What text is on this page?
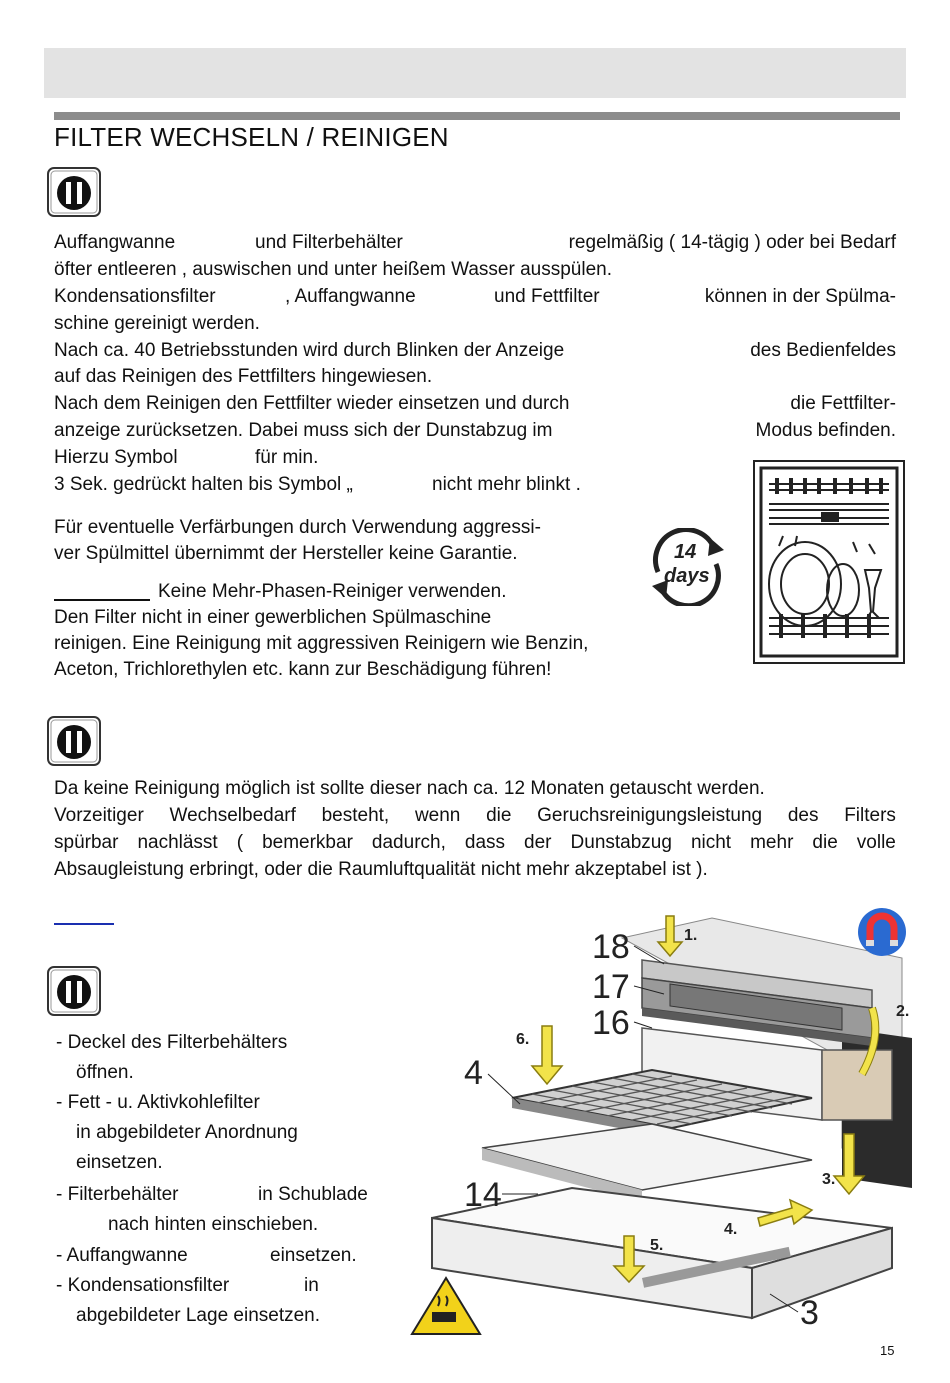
FILTER WECHSELN / REINIGEN
Auffangwanne	und Filterbehälter	regelmäßig ( 14-tägig ) oder bei Bedarf
öfter entleeren , auswischen und unter heißem Wasser ausspülen.
Kondensationsfilter	, Auffangwanne	und Fettfilter	können in der Spülma-
schine gereinigt werden.
Nach ca. 40 Betriebsstunden wird durch Blinken der Anzeige	des Bedienfeldes
auf das Reinigen des Fettfilters hingewiesen.
Nach dem Reinigen den Fettfilter wieder einsetzen und durch	die Fettfilter-
anzeige zurücksetzen. Dabei muss sich der Dunstabzug im	Modus befinden.
Hierzu Symbol	für min.
3 Sek. gedrückt halten bis Symbol „	nicht mehr blinkt .
Für eventuelle Verfärbungen durch Verwendung aggressi-
ver Spülmittel übernimmt der Hersteller keine Garantie.
Keine Mehr-Phasen-Reiniger verwenden.
Den Filter nicht in einer gewerblichen Spülmaschine
reinigen. Eine Reinigung mit aggressiven Reinigern wie Benzin,
Aceton, Trichlorethylen etc. kann zur Beschädigung führen!
14
days
Da keine Reinigung möglich ist sollte dieser nach ca. 12 Monaten getauscht werden.
Vorzeitiger Wechselbedarf besteht, wenn die Geruchsreinigungsleistung des Filters
spürbar nachlässt ( bemerkbar dadurch, dass der Dunstabzug nicht mehr die volle
Absaugleistung erbringt, oder die Raumluftqualität nicht mehr akzeptabel ist ).
- Deckel des Filterbehälters
öffnen.
- Fett - u. Aktivkohlefilter
in abgebildeter Anordnung
einsetzen.
- Filterbehälter	in Schublade
nach hinten einschieben.
- Auffangwanne	einsetzen.
- Kondensationsfilter	in
abgebildeter Lage einsetzen.
18
17
16
4
14
3
1.
2.
3.
4.
5.
6.
15
